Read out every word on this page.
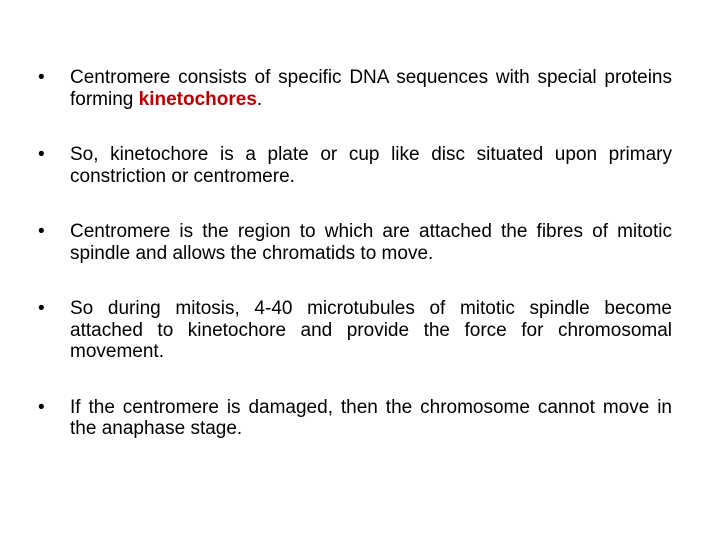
• Centromere consists of specific DNA sequences with special proteins forming kinetochores.
• So, kinetochore is a plate or cup like disc situated upon primary constriction or centromere.
• Centromere is the region to which are attached the fibres of mitotic spindle and allows the chromatids to move.
• So during mitosis, 4-40 microtubules of mitotic spindle become attached to kinetochore and provide the force for chromosomal movement.
• If the centromere is damaged, then the chromosome cannot move in the anaphase stage.
